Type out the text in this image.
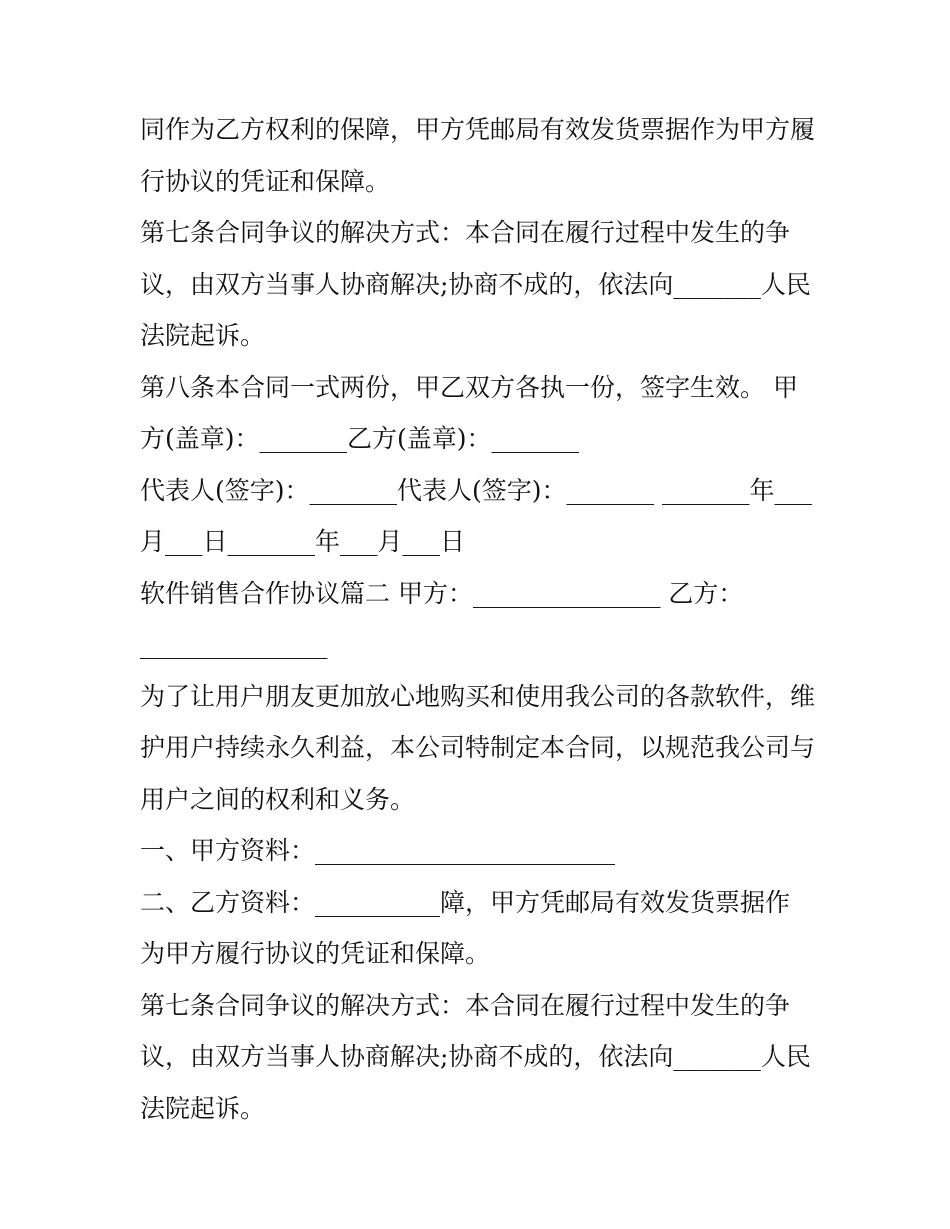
同作为乙方权利的保障，甲方凭邮局有效发货票据作为甲方履
行协议的凭证和保障。
第七条合同争议的解决方式：本合同在履行过程中发生的争
议，由双方当事人协商解决;协商不成的，依法向_______人民
法院起诉。
第八条本合同一式两份，甲乙双方各执一份，签字生效。 甲
方(盖章)：_______乙方(盖章)：_______
代表人(签字)：_______代表人(签字)：_______ _______年___
月___日_______年___月___日
软件销售合作协议篇二 甲方：_______________ 乙方：
_______________
为了让用户朋友更加放心地购买和使用我公司的各款软件，维
护用户持续永久利益，本公司特制定本合同，以规范我公司与
用户之间的权利和义务。
一、甲方资料：________________________
二、乙方资料：__________障，甲方凭邮局有效发货票据作
为甲方履行协议的凭证和保障。
第七条合同争议的解决方式：本合同在履行过程中发生的争
议，由双方当事人协商解决;协商不成的，依法向_______人民
法院起诉。
